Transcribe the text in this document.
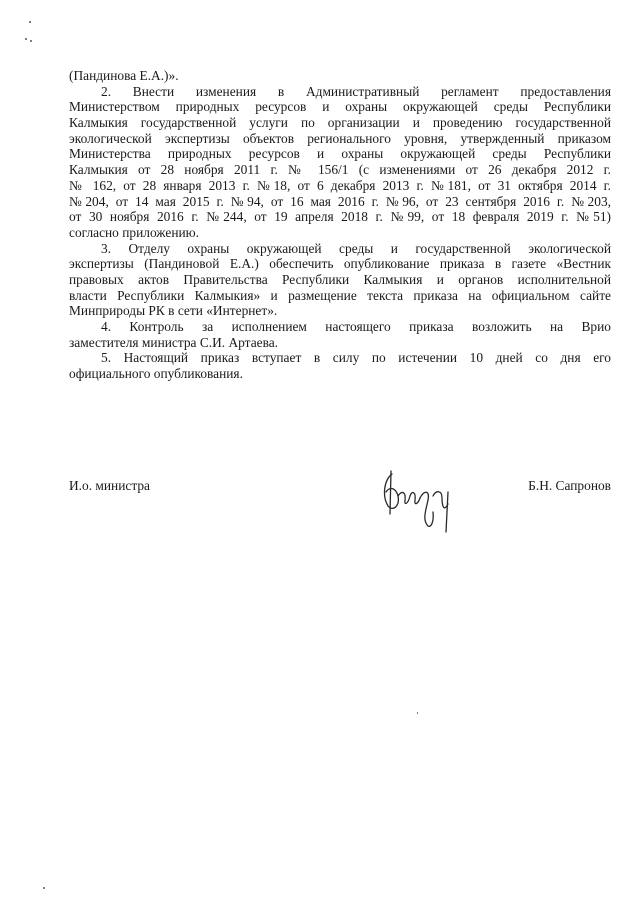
(Пандинова Е.А.)».
2. Внести изменения в Административный регламент предоставления
Министерством природных ресурсов и охраны окружающей среды Республики
Калмыкия государственной услуги по организации и проведению государственной
экологической экспертизы объектов регионального уровня, утвержденный приказом
Министерства природных ресурсов и охраны окружающей среды Республики
Калмыкия от 28 ноября 2011 г. № 156/1 (с изменениями от 26 декабря 2012 г.
№ 162, от 28 января 2013 г. №18, от 6 декабря 2013 г. №181, от 31 октября 2014 г.
№204, от 14 мая 2015 г. №94, от 16 мая 2016 г. №96, от 23 сентября 2016 г. №203,
от 30 ноября 2016 г. №244, от 19 апреля 2018 г. №99, от 18 февраля 2019 г. №51)
согласно приложению.
3. Отделу охраны окружающей среды и государственной экологической
экспертизы (Пандиновой Е.А.) обеспечить опубликование приказа в газете «Вестник
правовых актов Правительства Республики Калмыкия и органов исполнительной
власти Республики Калмыкия» и размещение текста приказа на официальном сайте
Минприроды РК в сети «Интернет».
4. Контроль за исполнением настоящего приказа возложить на Врио
заместителя министра С.И. Артаева.
5. Настоящий приказ вступает в силу по истечении 10 дней со дня его
официального опубликования.
И.о. министра	Б.Н. Сапронов
